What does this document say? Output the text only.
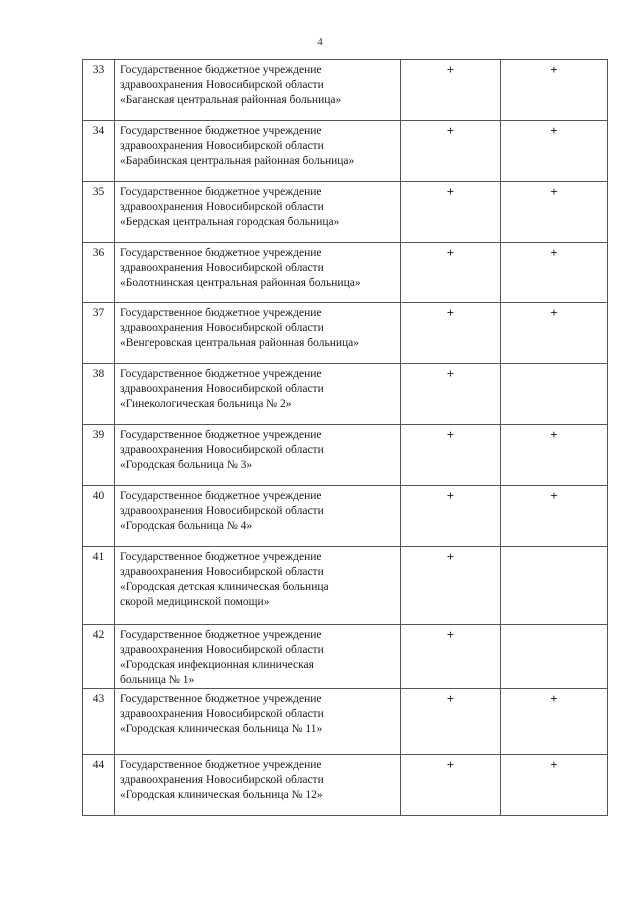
4
33	Государственное бюджетное учреждение
здравоохранения Новосибирской области
«Баганская центральная районная больница»	+	+
34	Государственное бюджетное учреждение
здравоохранения Новосибирской области
«Барабинская центральная районная больница»	+	+
35	Государственное бюджетное учреждение
здравоохранения Новосибирской области
«Бердская центральная городская больница»	+	+
36	Государственное бюджетное учреждение
здравоохранения Новосибирской области
«Болотнинская центральная районная больница»	+	+
37	Государственное бюджетное учреждение
здравоохранения Новосибирской области
«Венгеровская центральная районная больница»	+	+
38	Государственное бюджетное учреждение
здравоохранения Новосибирской области
«Гинекологическая больница № 2»	+	
39	Государственное бюджетное учреждение
здравоохранения Новосибирской области
«Городская больница № 3»	+	+
40	Государственное бюджетное учреждение
здравоохранения Новосибирской области
«Городская больница № 4»	+	+
41	Государственное бюджетное учреждение
здравоохранения Новосибирской области
«Городская детская клиническая больница
скорой медицинской помощи»	+	
42	Государственное бюджетное учреждение
здравоохранения Новосибирской области
«Городская инфекционная клиническая
больница № 1»	+	
43	Государственное бюджетное учреждение
здравоохранения Новосибирской области
«Городская клиническая больница № 11»	+	+
44	Государственное бюджетное учреждение
здравоохранения Новосибирской области
«Городская клиническая больница № 12»	+	+
